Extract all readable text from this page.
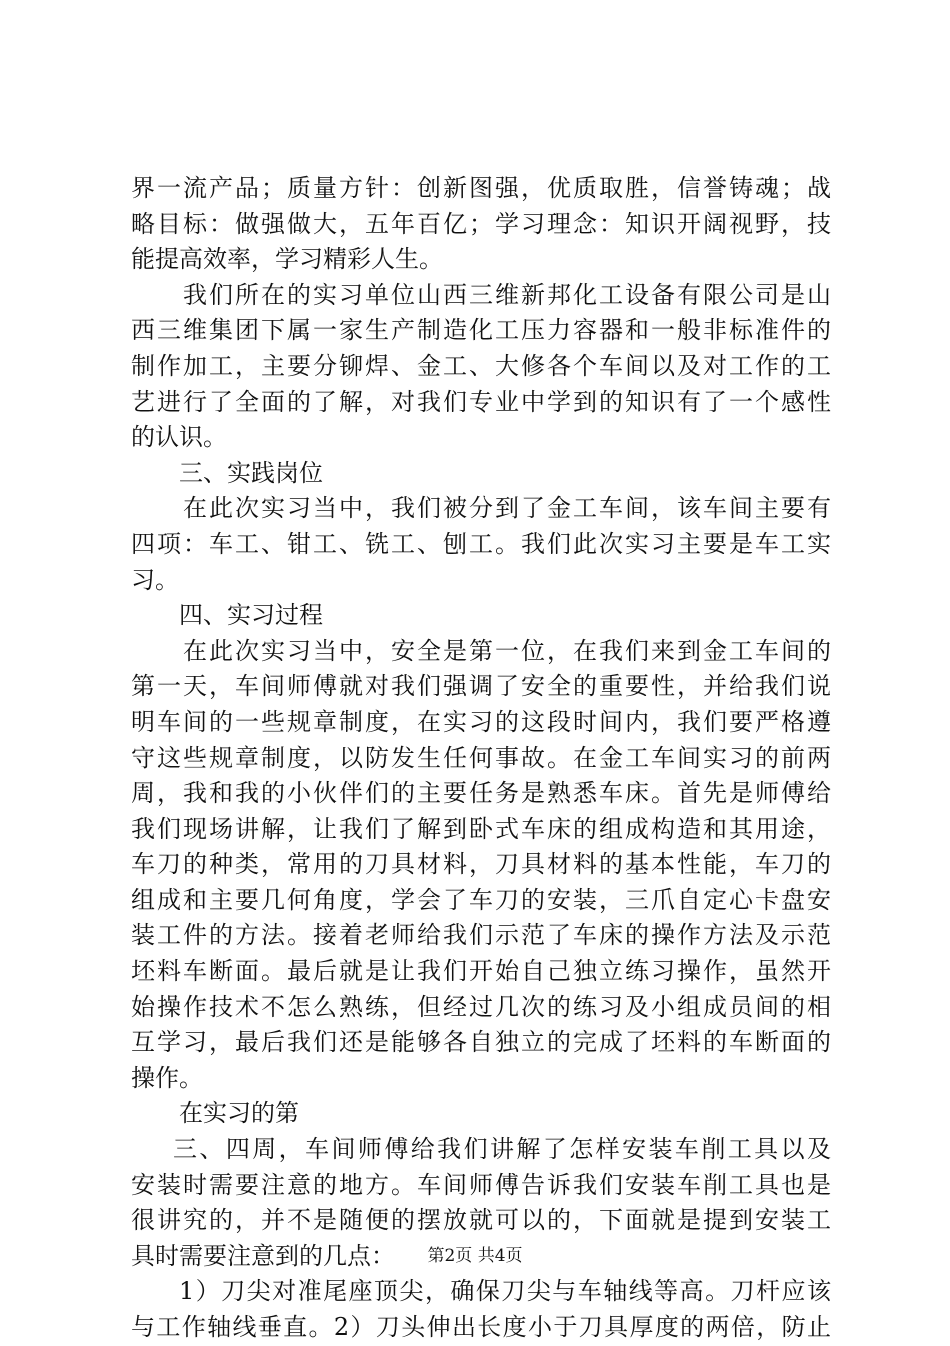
界一流产品；质量方针：创新图强，优质取胜，信誉铸魂；战
略目标：做强做大，五年百亿；学习理念：知识开阔视野，技
能提高效率，学习精彩人生。
我们所在的实习单位山西三维新邦化工设备有限公司是山
西三维集团下属一家生产制造化工压力容器和一般非标准件的
制作加工，主要分铆焊、金工、大修各个车间以及对工作的工
艺进行了全面的了解，对我们专业中学到的知识有了一个感性
的认识。
三、实践岗位
在此次实习当中，我们被分到了金工车间，该车间主要有
四项：车工、钳工、铣工、刨工。我们此次实习主要是车工实
习。
四、实习过程
在此次实习当中，安全是第一位，在我们来到金工车间的
第一天，车间师傅就对我们强调了安全的重要性，并给我们说
明车间的一些规章制度，在实习的这段时间内，我们要严格遵
守这些规章制度，以防发生任何事故。在金工车间实习的前两
周，我和我的小伙伴们的主要任务是熟悉车床。首先是师傅给
我们现场讲解，让我们了解到卧式车床的组成构造和其用途，
车刀的种类，常用的刀具材料，刀具材料的基本性能，车刀的
组成和主要几何角度，学会了车刀的安装，三爪自定心卡盘安
装工件的方法。接着老师给我们示范了车床的操作方法及示范
坯料车断面。最后就是让我们开始自己独立练习操作，虽然开
始操作技术不怎么熟练，但经过几次的练习及小组成员间的相
互学习，最后我们还是能够各自独立的完成了坯料的车断面的
操作。
在实习的第
三、四周，车间师傅给我们讲解了怎样安装车削工具以及
安装时需要注意的地方。车间师傅告诉我们安装车削工具也是
很讲究的，并不是随便的摆放就可以的，下面就是提到安装工
具时需要注意到的几点：
1）刀尖对准尾座顶尖，确保刀尖与车轴线等高。刀杆应该
与工作轴线垂直。2）刀头伸出长度小于刀具厚度的两倍，防止
第2页 共4页
